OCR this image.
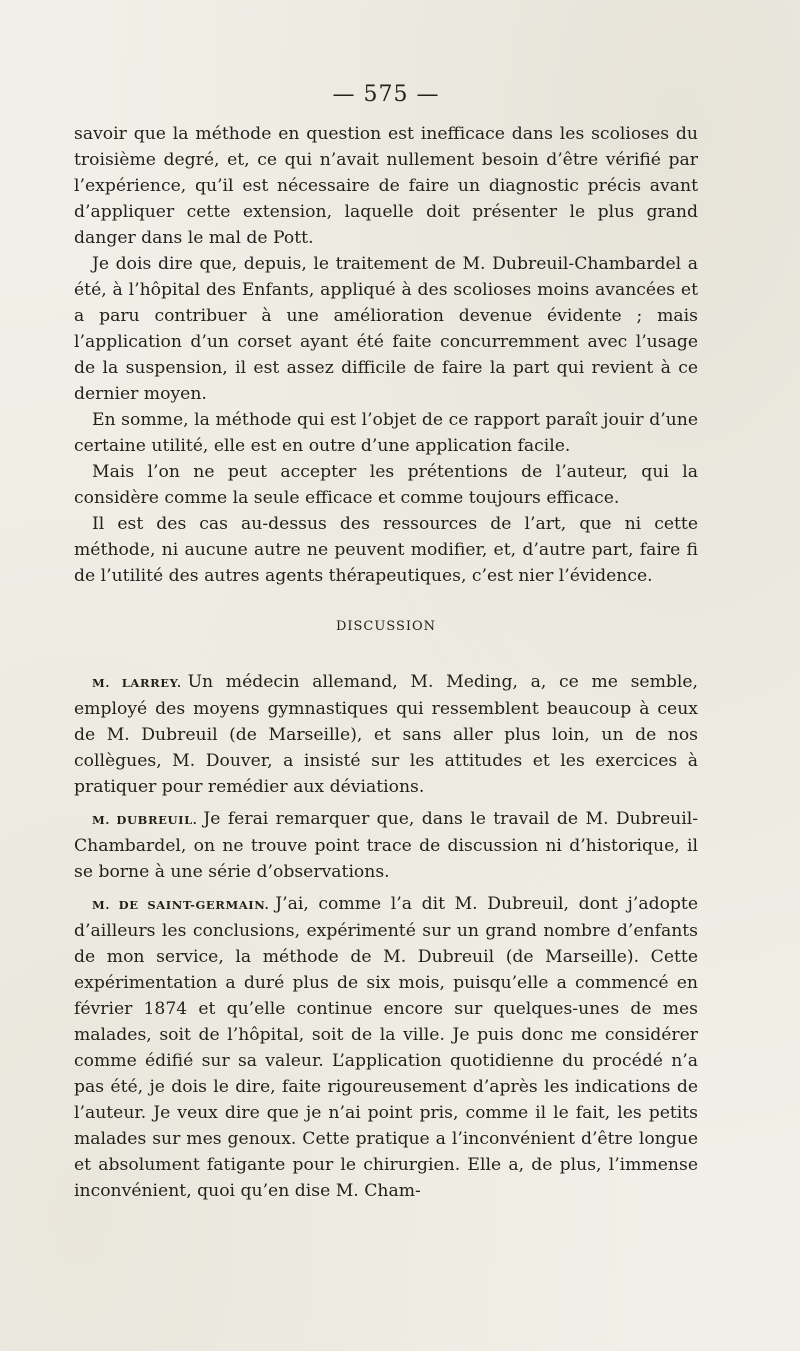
— 575 —

savoir que la méthode en question est inefficace dans les scolioses du troisième degré, et, ce qui n’avait nullement besoin d’être vérifié par l’expérience, qu’il est nécessaire de faire un diagnostic précis avant d’appliquer cette extension, laquelle doit présenter le plus grand danger dans le mal de Pott.

Je dois dire que, depuis, le traitement de M. Dubreuil-Chambardel a été, à l’hôpital des Enfants, appliqué à des scolioses moins avancées et a paru contribuer à une amélioration devenue évidente ; mais l’application d’un corset ayant été faite concurremment avec l’usage de la suspension, il est assez difficile de faire la part qui revient à ce dernier moyen.

En somme, la méthode qui est l’objet de ce rapport paraît jouir d’une certaine utilité, elle est en outre d’une application facile.

Mais l’on ne peut accepter les prétentions de l’auteur, qui la considère comme la seule efficace et comme toujours efficace.

Il est des cas au-dessus des ressources de l’art, que ni cette méthode, ni aucune autre ne peuvent modifier, et, d’autre part, faire fi de l’utilité des autres agents thérapeutiques, c’est nier l’évidence.

DISCUSSION

M. LARREY. Un médecin allemand, M. Meding, a, ce me semble, employé des moyens gymnastiques qui ressemblent beaucoup à ceux de M. Dubreuil (de Marseille), et sans aller plus loin, un de nos collègues, M. Douver, a insisté sur les attitudes et les exercices à pratiquer pour remédier aux déviations.

M. DUBREUIL. Je ferai remarquer que, dans le travail de M. Dubreuil-Chambardel, on ne trouve point trace de discussion ni d’historique, il se borne à une série d’observations.

M. DE SAINT-GERMAIN. J’ai, comme l’a dit M. Dubreuil, dont j’adopte d’ailleurs les conclusions, expérimenté sur un grand nombre d’enfants de mon service, la méthode de M. Dubreuil (de Marseille). Cette expérimentation a duré plus de six mois, puisqu’elle a commencé en février 1874 et qu’elle continue encore sur quelques-unes de mes malades, soit de l’hôpital, soit de la ville. Je puis donc me considérer comme édifié sur sa valeur. L’application quotidienne du procédé n’a pas été, je dois le dire, faite rigoureusement d’après les indications de l’auteur. Je veux dire que je n’ai point pris, comme il le fait, les petits malades sur mes genoux. Cette pratique a l’inconvénient d’être longue et absolument fatigante pour le chirurgien. Elle a, de plus, l’immense inconvénient, quoi qu’en dise M. Cham-
